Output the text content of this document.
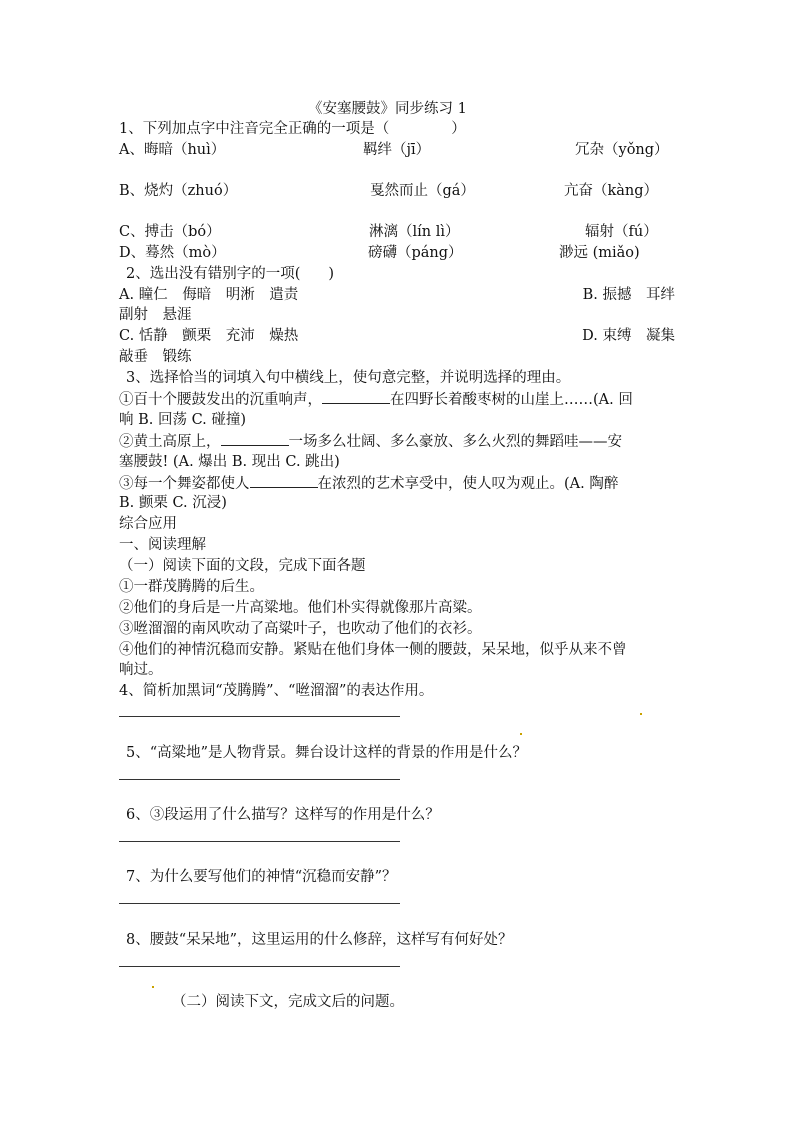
《安塞腰鼓》同步练习 1
1、下列加点字中注音完全正确的一项是（	）
A、晦暗（huì）	羁绊（jī）	冗杂（yǒng）
B、烧灼（zhuó）	戛然而止（gá）	亢奋（kàng）
C、搏击（bó）	淋漓（lín lì）	辐射（fú）
D、蓦然（mò）	磅礴（páng）	渺远 (miǎo)
2、选出没有错别字的一项( )
A. 瞳仁　侮暗　明淅　遣责	B. 振撼　耳绊
副射　悬涯
C. 恬静　颤栗　充沛　燥热	D. 束缚　凝集
敲垂　锻练
3、选择恰当的词填入句中横线上，使句意完整，并说明选择的理由。
①百十个腰鼓发出的沉重响声，	在四野长着酸枣树的山崖上……(A. 回
响 B. 回荡 C. 碰撞)
②黄土高原上，	一场多么壮阔、多么豪放、多么火烈的舞蹈哇——安
塞腰鼓! (A. 爆出 B. 现出 C. 跳出)
③每一个舞姿都使人	在浓烈的艺术享受中，使人叹为观止。(A. 陶醉
B. 颤栗 C. 沉浸)
综合应用
一、阅读理解
（一）阅读下面的文段，完成下面各题
①一群茂腾腾的后生。
②他们的身后是一片高粱地。他们朴实得就像那片高粱。
③咝溜溜的南风吹动了高粱叶子，也吹动了他们的衣衫。
④他们的神情沉稳而安静。紧贴在他们身体一侧的腰鼓，呆呆地，似乎从来不曾
响过。
4、简析加黑词“茂腾腾”、“咝溜溜”的表达作用。
5、“高粱地”是人物背景。舞台设计这样的背景的作用是什么？
6、③段运用了什么描写？这样写的作用是什么？
7、为什么要写他们的神情“沉稳而安静”？
8、腰鼓“呆呆地”，这里运用的什么修辞，这样写有何好处？
（二）阅读下文，完成文后的问题。
